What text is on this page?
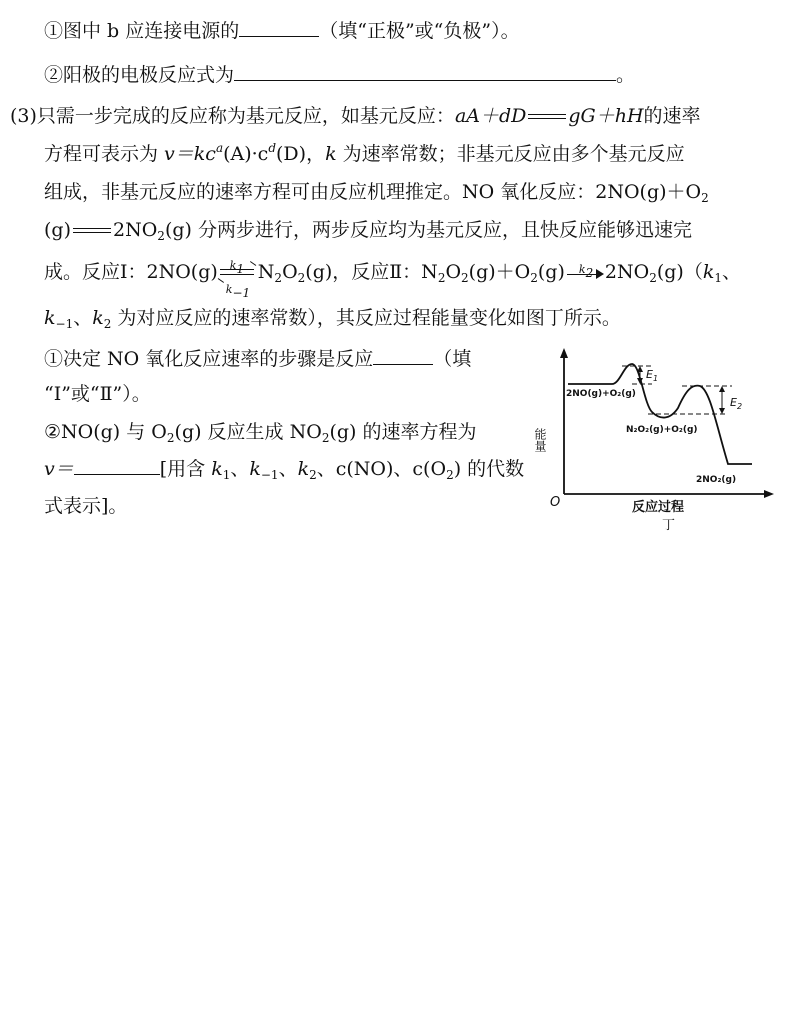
①图中 b 应连接电源的	（填“正极”或“负极”）。
②阳极的电极反应式为	。
(3)只需一步完成的反应称为基元反应，如基元反应：aA＋dD gG＋hH的速率
方程可表示为 $v=kc^a(A)\cdot c^d(D)$，k 为速率常数；非基元反应由多个基元反应
组成，非基元反应的速率方程可由反应机理推定。NO 氧化反应：$2NO(g)+O_2$
(g) $2NO_2(g)$ 分两步进行，两步反应均为基元反应，且快反应能够迅速完
成。反应Ⅰ：$2NO(g) \frac{k_1}{k_{-1}} N_2O_2(g)$，反应Ⅱ：$N_2O_2(g)+O_2(g)$ $k_2$ $2NO_2(g)(k_1$、
$k_{-1}$、$k_2$ 为对应反应的速率常数），其反应过程能量变化如图丁所示。
①决定 NO 氧化反应速率的步骤是反应	（填
“Ⅰ”或“Ⅱ”）。
②NO(g) 与 $O_2(g)$ 反应生成 $NO_2(g)$ 的速率方程为
v＝	[用含 $k_1$、$k_{-1}$、$k_2$、c(NO)、$c(O_2)$ 的代数
式表示]。	O
能量
反应过程
丁
$E_1$
$E_2$
2NO(g)+O₂(g)
N₂O₂(g)+O₂(g)
2NO₂(g)
